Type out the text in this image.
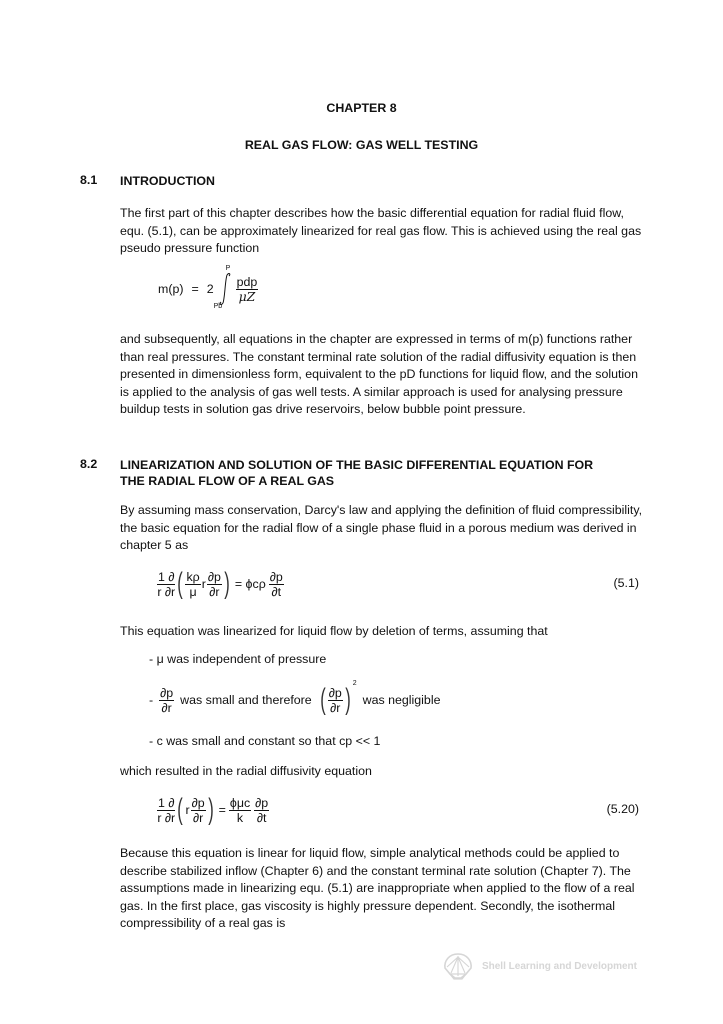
CHAPTER 8
REAL GAS FLOW: GAS WELL TESTING
8.1 INTRODUCTION

The first part of this chapter describes how the basic differential equation for radial fluid flow, equ. (5.1), can be approximately linearized for real gas flow. This is achieved using the real gas pseudo pressure function

m(p) = 2
P
Pb
$\frac{\text{pdp}}{\mu Z}$

and subsequently, all equations in the chapter are expressed in terms of m(p) functions rather than real pressures. The constant terminal rate solution of the radial diffusivity equation is then presented in dimensionless form, equivalent to the pD functions for liquid flow, and the solution is applied to the analysis of gas well tests. A similar approach is used for analysing pressure buildup tests in solution gas drive reservoirs, below bubble point pressure.

8.2 LINEARIZATION AND SOLUTION OF THE BASIC DIFFERENTIAL EQUATION FOR
THE RADIAL FLOW OF A REAL GAS

By assuming mass conservation, Darcy's law and applying the definition of fluid compressibility, the basic equation for the radial flow of a single phase fluid in a porous medium was derived in chapter 5 as

$\frac{1 \partial}{r \partial r}$ ( $\frac{k\rho}{\mu}$ r $\frac{\partial p}{\partial r}$ ) = ϕcρ $\frac{\partial p}{\partial t}$	(5.1)

This equation was linearized for liquid flow by deletion of terms, assuming that

- μ was independent of pressure
- $\frac{\partial p}{\partial r}$ was small and therefore ( $\frac{\partial p}{\partial r}$ ) 2
was negligible
- c was small and constant so that cp << 1

which resulted in the radial diffusivity equation

$\frac{1 \partial}{r \partial r}$ ( r $\frac{\partial p}{\partial r}$ ) = $\frac{\text{ϕμc}}{k} \frac{\partial p}{\partial t}$	(5.20)

Because this equation is linear for liquid flow, simple analytical methods could be applied to describe stabilized inflow (Chapter 6) and the constant terminal rate solution (Chapter 7). The assumptions made in linearizing equ. (5.1) are inappropriate when applied to the flow of a real gas. In the first place, gas viscosity is highly pressure dependent. Secondly, the isothermal compressibility of a real gas is

Shell Learning and Development
